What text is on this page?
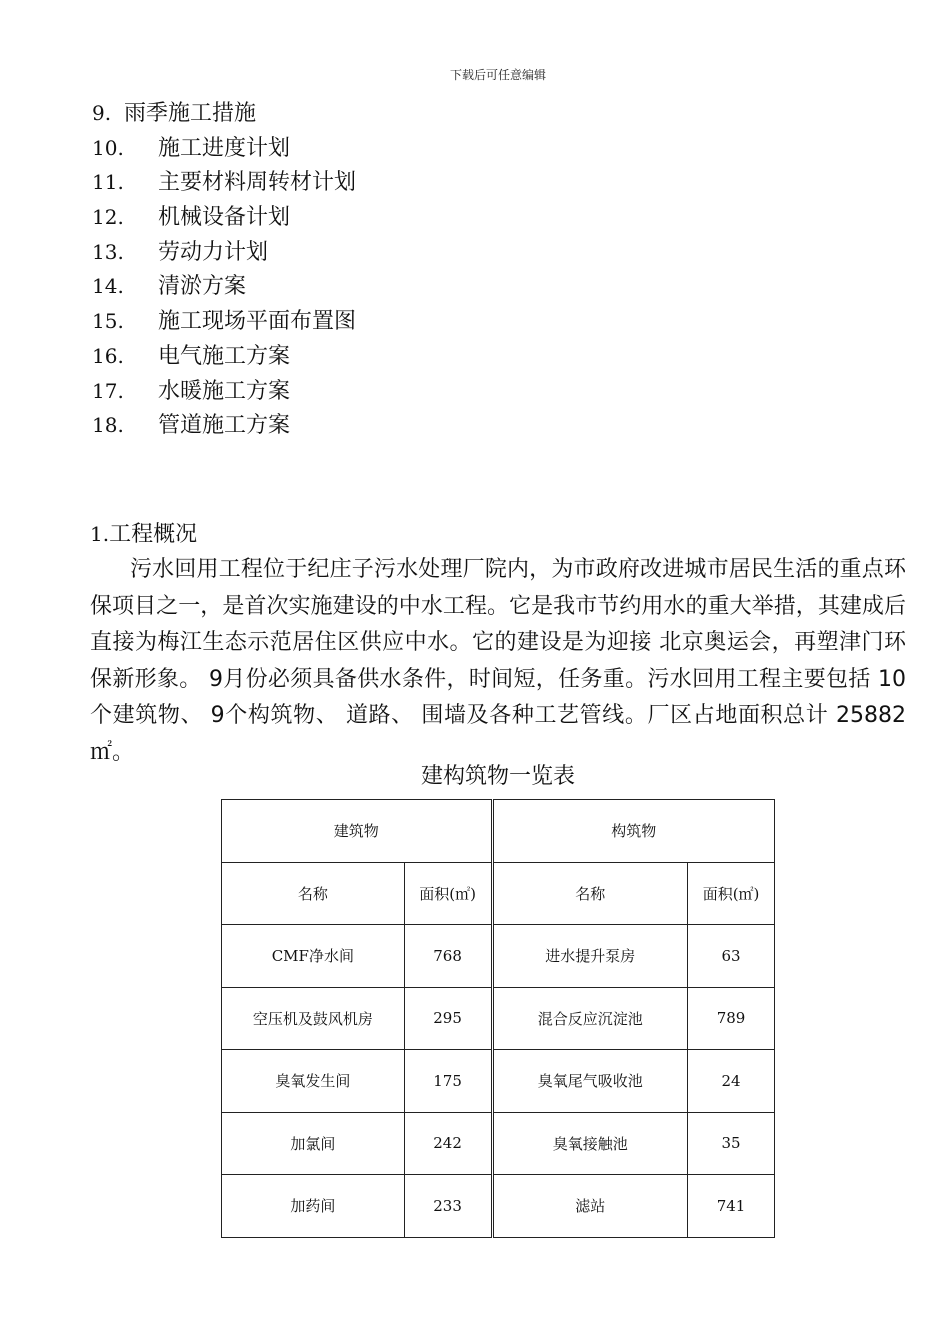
下载后可任意编辑
9. 雨季施工措施
10. 施工进度计划
11. 主要材料周转材计划
12. 机械设备计划
13. 劳动力计划
14. 清淤方案
15. 施工现场平面布置图
16. 电气施工方案
17. 水暖施工方案
18. 管道施工方案
1.工程概况

污水回用工程位于纪庄子污水处理厂院内，为市政府改进城市居民生活的重点环保项目之一，是首次实施建设的中水工程。它是我市节约用水的重大举措，其建成后直接为梅江生态示范居住区供应中水。它的建设是为迎接 北京奥运会，再塑津门环保新形象。 9月份必须具备供水条件，时间短，任务重。污水回用工程主要包括 10个建筑物、 9个构筑物、 道路、 围墙及各种工艺管线。厂区占地面积总计 25882㎡。

建构筑物一览表
建筑物		构筑物	
名称	面积(㎡)	名称	面积(㎡)
CMF净水间	768	进水提升泵房	63
空压机及鼓风机房	295	混合反应沉淀池	789
臭氧发生间	175	臭氧尾气吸收池	24
加氯间	242	臭氧接触池	35
加药间	233	滤站	741
